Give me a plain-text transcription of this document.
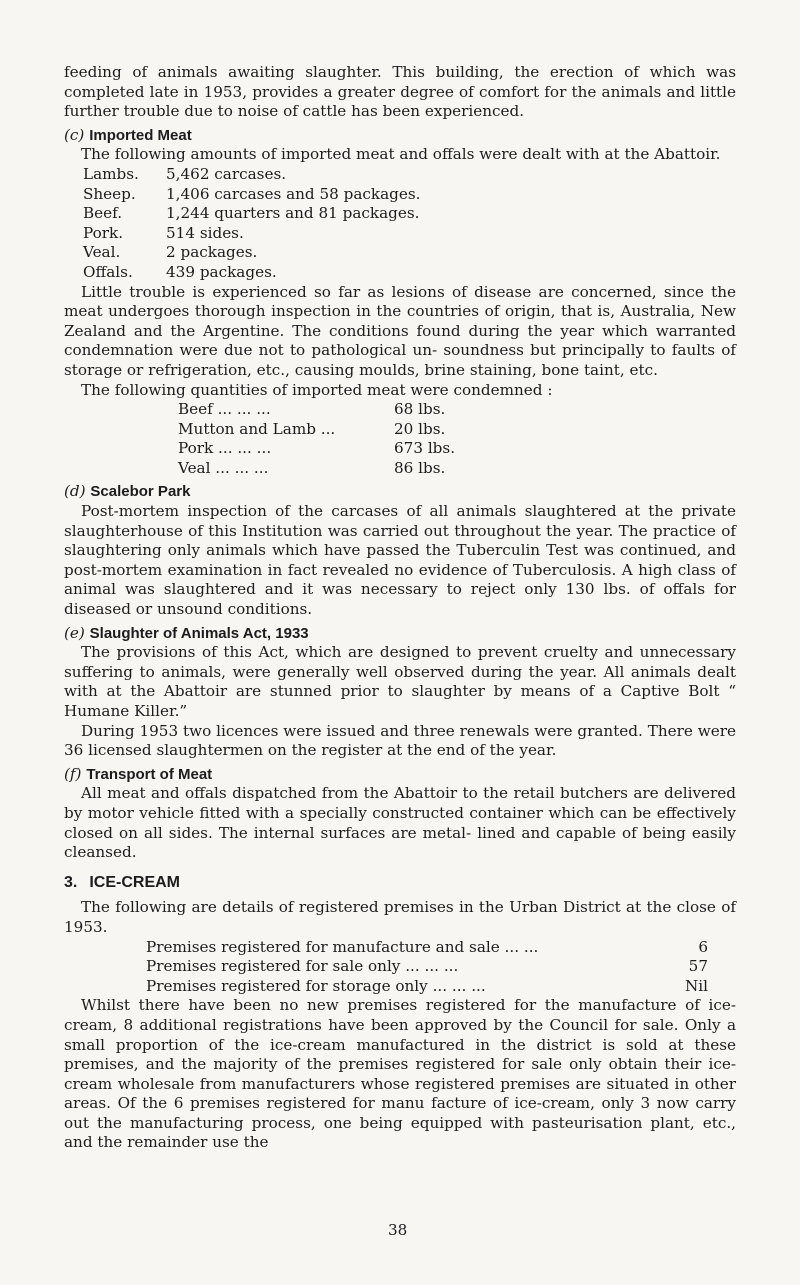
feeding of animals awaiting slaughter. This building, the erection of which was completed late in 1953, provides a greater degree of comfort for the animals and little further trouble due to noise of cattle has been experienced.

(c) Imported Meat

The following amounts of imported meat and offals were dealt with at the Abattoir.

Lambs.	5,462 carcases.
Sheep.	1,406 carcases and 58 packages.
Beef.	1,244 quarters and 81 packages.
Pork.	514 sides.
Veal.	2 packages.
Offals.	439 packages.

Little trouble is experienced so far as lesions of disease are concerned, since the meat undergoes thorough inspection in the countries of origin, that is, Australia, New Zealand and the Argentine. The conditions found during the year which warranted condemnation were due not to pathological un- soundness but principally to faults of storage or refrigeration, etc., causing moulds, brine staining, bone taint, etc.

The following quantities of imported meat were condemned :

Beef ... ... ...	68 lbs.
Mutton and Lamb ...	20 lbs.
Pork ... ... ...	673 lbs.
Veal ... ... ...	86 lbs.
(d) Scalebor Park

Post-mortem inspection of the carcases of all animals slaughtered at the private slaughterhouse of this Institution was carried out throughout the year. The practice of slaughtering only animals which have passed the Tuberculin Test was continued, and post-mortem examination in fact revealed no evidence of Tuberculosis. A high class of animal was slaughtered and it was necessary to reject only 130 lbs. of offals for diseased or unsound conditions.

(e) Slaughter of Animals Act, 1933

The provisions of this Act, which are designed to prevent cruelty and unnecessary suffering to animals, were generally well observed during the year. All animals dealt with at the Abattoir are stunned prior to slaughter by means of a Captive Bolt “ Humane Killer.”

During 1953 two licences were issued and three renewals were granted. There were 36 licensed slaughtermen on the register at the end of the year.

(f) Transport of Meat

All meat and offals dispatched from the Abattoir to the retail butchers are delivered by motor vehicle fitted with a specially constructed container which can be effectively closed on all sides. The internal surfaces are metal- lined and capable of being easily cleansed.

3. ICE-CREAM

The following are details of registered premises in the Urban District at the close of 1953.

Premises registered for manufacture and sale ... ...	6
Premises registered for sale only ... ... ...	57
Premises registered for storage only ... ... ...	Nil

Whilst there have been no new premises registered for the manufacture of ice-cream, 8 additional registrations have been approved by the Council for sale. Only a small proportion of the ice-cream manufactured in the district is sold at these premises, and the majority of the premises registered for sale only obtain their ice-cream wholesale from manufacturers whose registered premises are situated in other areas. Of the 6 premises registered for manu facture of ice-cream, only 3 now carry out the manufacturing process, one being equipped with pasteurisation plant, etc., and the remainder use the

38
